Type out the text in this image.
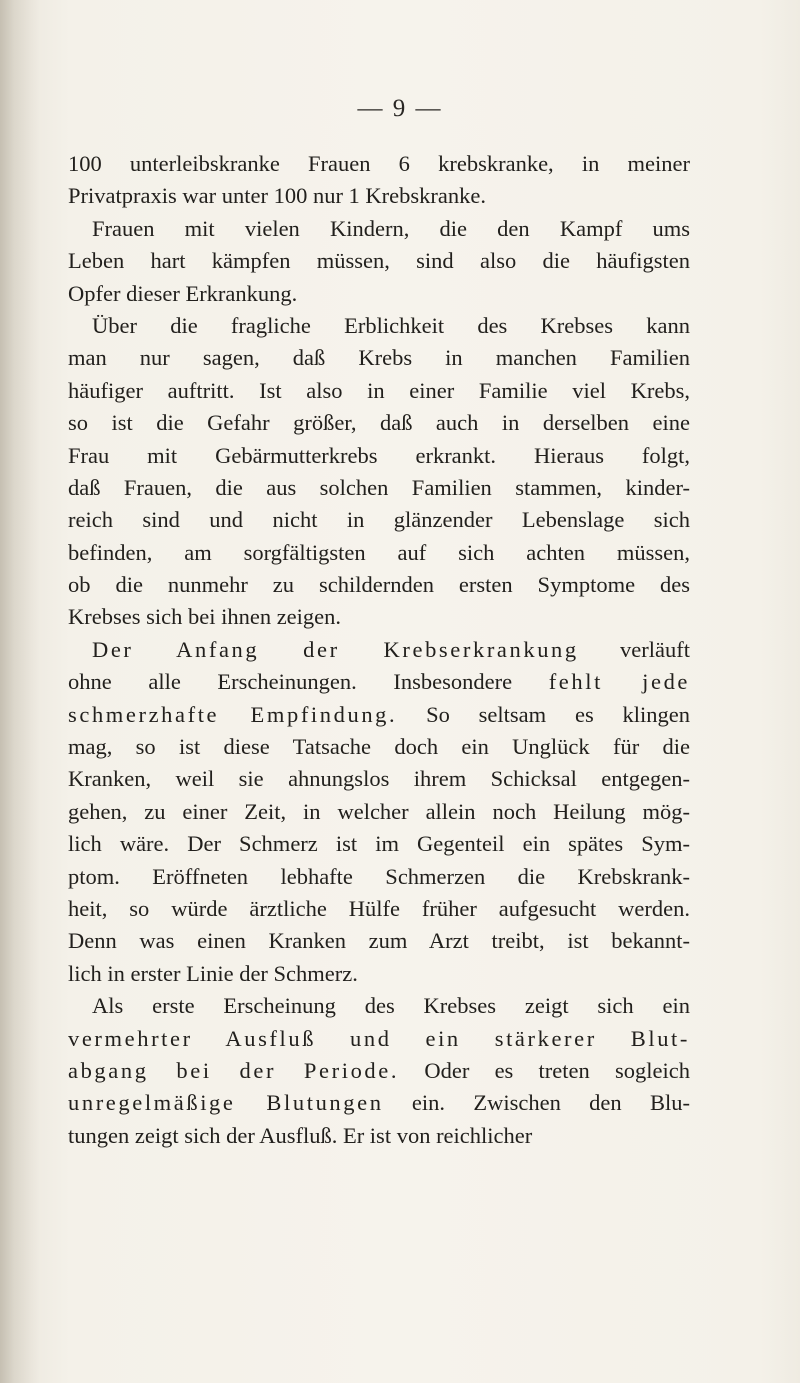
— 9 —
100 unterleibskranke Frauen 6 krebskranke, in meiner
Privatpraxis war unter 100 nur 1 Krebskranke.
Frauen mit vielen Kindern, die den Kampf ums
Leben hart kämpfen müssen, sind also die häufigsten
Opfer dieser Erkrankung.
Über die fragliche Erblichkeit des Krebses kann
man nur sagen, daß Krebs in manchen Familien
häufiger auftritt. Ist also in einer Familie viel Krebs,
so ist die Gefahr größer, daß auch in derselben eine
Frau mit Gebärmutterkrebs erkrankt. Hieraus folgt,
daß Frauen, die aus solchen Familien stammen, kinder-
reich sind und nicht in glänzender Lebenslage sich
befinden, am sorgfältigsten auf sich achten müssen,
ob die nunmehr zu schildernden ersten Symptome des
Krebses sich bei ihnen zeigen.
Der Anfang der Krebserkrankung verläuft
ohne alle Erscheinungen. Insbesondere fehlt jede
schmerzhafte Empfindung. So seltsam es klingen
mag, so ist diese Tatsache doch ein Unglück für die
Kranken, weil sie ahnungslos ihrem Schicksal entgegen-
gehen, zu einer Zeit, in welcher allein noch Heilung mög-
lich wäre. Der Schmerz ist im Gegenteil ein spätes Sym-
ptom. Eröffneten lebhafte Schmerzen die Krebskrank-
heit, so würde ärztliche Hülfe früher aufgesucht werden.
Denn was einen Kranken zum Arzt treibt, ist bekannt-
lich in erster Linie der Schmerz.
Als erste Erscheinung des Krebses zeigt sich ein
vermehrter Ausfluß und ein stärkerer Blut-
abgang bei der Periode. Oder es treten sogleich
unregelmäßige Blutungen ein. Zwischen den Blu-
tungen zeigt sich der Ausfluß. Er ist von reichlicher
